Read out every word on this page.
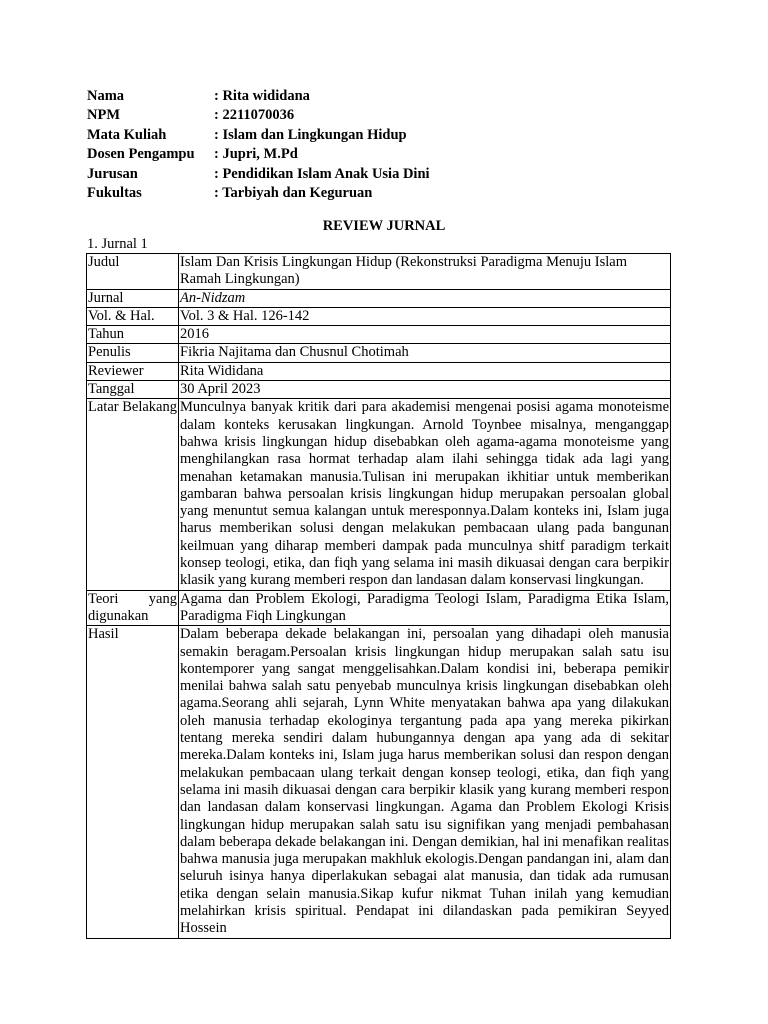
Nama	: Rita wididana
NPM	: 2211070036
Mata Kuliah	: Islam dan Lingkungan Hidup
Dosen Pengampu : Jupri, M.Pd
Jurusan	: Pendidikan Islam Anak Usia Dini
Fukultas	: Tarbiyah dan Keguruan
REVIEW JURNAL
1. Jurnal 1
Judul	Islam Dan Krisis Lingkungan Hidup (Rekonstruksi Paradigma Menuju Islam Ramah Lingkungan)
Jurnal	An-Nidzam
Vol. & Hal.	Vol. 3 & Hal. 126-142
Tahun	2016
Penulis	Fikria Najitama dan Chusnul Chotimah
Reviewer	Rita Wididana
Tanggal	30 April 2023
Latar Belakang	Munculnya banyak kritik dari para akademisi mengenai posisi agama monoteisme dalam konteks kerusakan lingkungan. Arnold Toynbee misalnya, menganggap bahwa krisis lingkungan hidup disebabkan oleh agama-agama monoteisme yang menghilangkan rasa hormat terhadap alam ilahi sehingga tidak ada lagi yang menahan ketamakan manusia.Tulisan ini merupakan ikhitiar untuk memberikan gambaran bahwa persoalan krisis lingkungan hidup merupakan persoalan global yang menuntut semua kalangan untuk meresponnya.Dalam konteks ini, Islam juga harus memberikan solusi dengan melakukan pembacaan ulang pada bangunan keilmuan yang diharap memberi dampak pada munculnya shitf paradigm terkait konsep teologi, etika, dan fiqh yang selama ini masih dikuasai dengan cara berpikir klasik yang kurang memberi respon dan landasan dalam konservasi lingkungan.
Teori yang digunakan	Agama dan Problem Ekologi, Paradigma Teologi Islam, Paradigma Etika Islam, Paradigma Fiqh Lingkungan
Hasil	Dalam beberapa dekade belakangan ini, persoalan yang dihadapi oleh manusia semakin beragam.Persoalan krisis lingkungan hidup merupakan salah satu isu kontemporer yang sangat menggelisahkan.Dalam kondisi ini, beberapa pemikir menilai bahwa salah satu penyebab munculnya krisis lingkungan disebabkan oleh agama.Seorang ahli sejarah, Lynn White menyatakan bahwa apa yang dilakukan oleh manusia terhadap ekologinya tergantung pada apa yang mereka pikirkan tentang mereka sendiri dalam hubungannya dengan apa yang ada di sekitar mereka.Dalam konteks ini, Islam juga harus memberikan solusi dan respon dengan melakukan pembacaan ulang terkait dengan konsep teologi, etika, dan fiqh yang selama ini masih dikuasai dengan cara berpikir klasik yang kurang memberi respon dan landasan dalam konservasi lingkungan. Agama dan Problem Ekologi Krisis lingkungan hidup merupakan salah satu isu signifikan yang menjadi pembahasan dalam beberapa dekade belakangan ini. Dengan demikian, hal ini menafikan realitas bahwa manusia juga merupakan makhluk ekologis.Dengan pandangan ini, alam dan seluruh isinya hanya diperlakukan sebagai alat manusia, dan tidak ada rumusan etika dengan selain manusia.Sikap kufur nikmat Tuhan inilah yang kemudian melahirkan krisis spiritual. Pendapat ini dilandaskan pada pemikiran Seyyed Hossein
